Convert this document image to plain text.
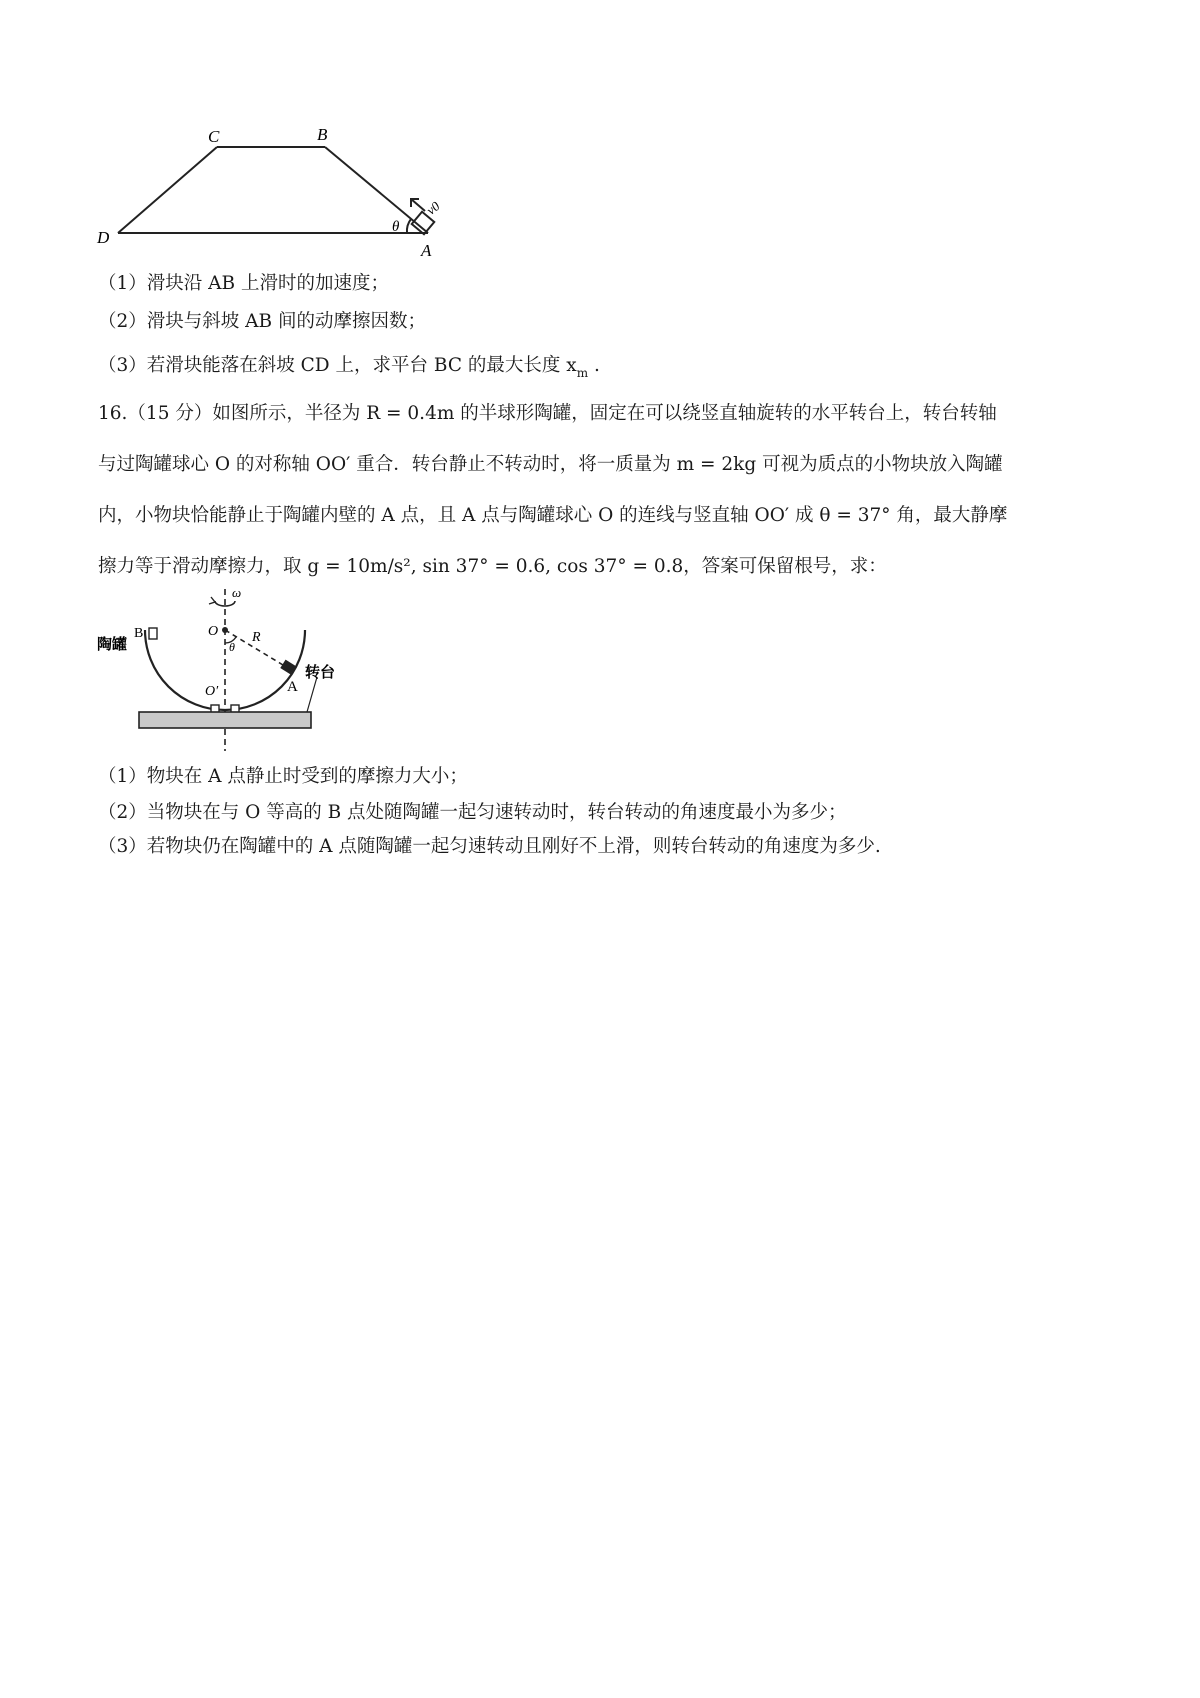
C	B
D
A
θ
v0
（1）滑块沿 AB 上滑时的加速度；
（2）滑块与斜坡 AB 间的动摩擦因数；
（3）若滑块能落在斜坡 CD 上，求平台 BC 的最大长度 $x_m$ .
16.（15 分）如图所示，半径为 R = 0.4m 的半球形陶罐，固定在可以绕竖直轴旋转的水平转台上，转台转轴
与过陶罐球心 O 的对称轴 OO′ 重合．转台静止不转动时，将一质量为 m = 2kg 可视为质点的小物块放入陶罐
内，小物块恰能静止于陶罐内壁的 A 点，且 A 点与陶罐球心 O 的连线与竖直轴 OO′ 成 θ = 37° 角，最大静摩
擦力等于滑动摩擦力，取 g = 10m/s², sin 37° = 0.6, cos 37° = 0.8，答案可保留根号，求：
ω
O R
θ
B
陶罐
A
转台
O′
（1）物块在 A 点静止时受到的摩擦力大小；
（2）当物块在与 O 等高的 B 点处随陶罐一起匀速转动时，转台转动的角速度最小为多少；
（3）若物块仍在陶罐中的 A 点随陶罐一起匀速转动且刚好不上滑，则转台转动的角速度为多少.
